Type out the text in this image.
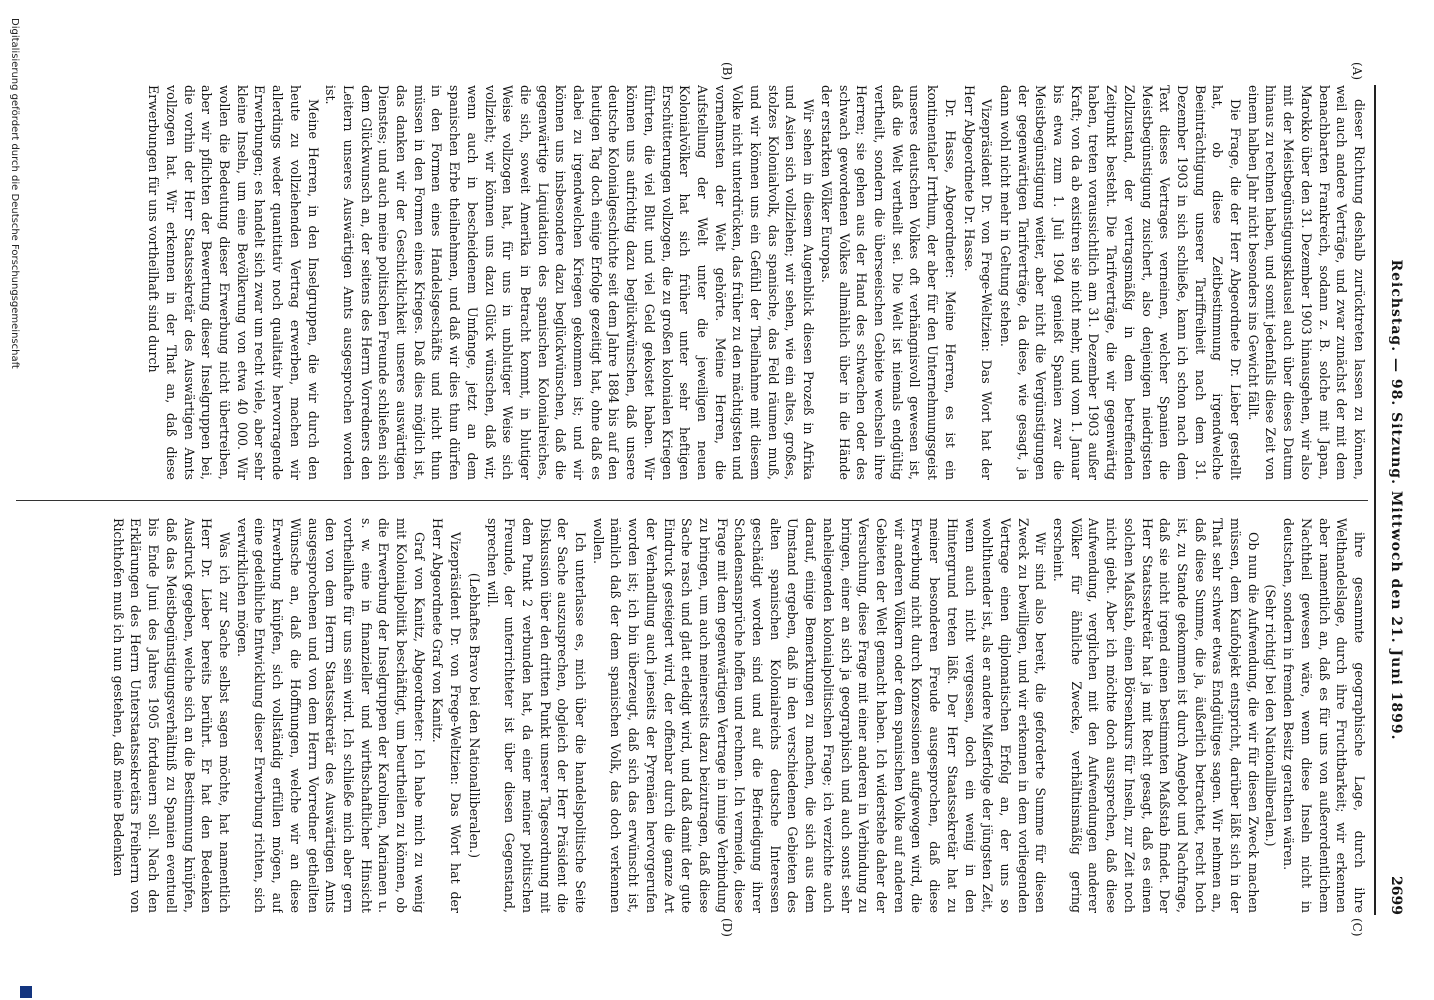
Reichstag. — 98. Sitzung. Mittwoch den 21. Juni 1899.
2699
(A)
(B)
(C)
(D)

dieser Richtung deshalb zurücktreten lassen zu können, weil auch andere Verträge, und zwar zunächst der mit dem benachbarten Frankreich, sodann z. B. solche mit Japan, Marokko über den 31. Dezember 1903 hinausgehen, wir also mit der Meistbegünstigungsklausel auch über dieses Datum hinaus zu rechnen haben, und somit jedenfalls diese Zeit von einem halben Jahr nicht besonders ins Gewicht fällt.

Die Frage, die der Herr Abgeordnete Dr. Lieber gestellt hat, ob diese Zeitbestimmung irgendwelche Beeinträchtigung unserer Tariffreiheit nach dem 31. Dezember 1903 in sich schließe, kann ich schon nach dem Text dieses Vertrages verneinen, welcher Spanien die Meistbegünstigung zusichert, also denjenigen niedrigsten Zollzustand, der vertragsmäßig in dem betreffenden Zeitpunkt besteht. Die Tarifverträge, die wir gegenwärtig haben, treten voraussichtlich am 31. Dezember 1903 außer Kraft; von da ab existiren sie nicht mehr, und vom 1. Januar bis etwa zum 1. Juli 1904 genießt Spanien zwar die Meistbegünstigung weiter, aber nicht die Vergünstigungen der gegenwärtigen Tarifverträge, da diese, wie gesagt, ja dann wohl nicht mehr in Geltung stehen.

Vizepräsident Dr. von Frege-Weltzien: Das Wort hat der Herr Abgeordnete Dr. Hasse.

Dr. Hasse, Abgeordneter: Meine Herren, es ist ein kontinentaler Irrthum, der aber für den Unternehmungsgeist unseres deutschen Volkes oft verhängnisvoll gewesen ist, daß die Welt vertheilt sei. Die Welt ist niemals endgültig vertheilt, sondern die überseeischen Gebiete wechseln ihre Herren; sie gehen aus der Hand des schwachen oder des schwach gewordenen Volkes allmählich über in die Hände der erstarkten Völker Europas.

Wir sehen in diesem Augenblick diesen Prozeß in Afrika und Asien sich vollziehen; wir sehen, wie ein altes, großes, stolzes Kolonialvolk, das spanische, das Feld räumen muß, und wir können uns ein Gefühl der Theilnahme mit diesem Volke nicht unterdrücken, das früher zu den mächtigsten und vornehmsten der Welt gehörte. Meine Herren, die Aufstellung der Welt unter die jeweiligen neuen Kolonialvölker hat sich früher unter sehr heftigen Erschütterungen vollzogen, die zu großen kolonialen Kriegen führten, die viel Blut und viel Geld gekostet haben. Wir können uns aufrichtig dazu beglückwünschen, daß unsere deutsche Kolonialgeschichte seit dem Jahre 1884 bis auf den heutigen Tag doch einige Erfolge gezeitigt hat, ohne daß es dabei zu irgendwelchen Kriegen gekommen ist; und wir können uns insbesondere dazu beglückwünschen, daß die gegenwärtige Liquidation des spanischen Kolonialreiches, die sich, soweit Amerika in Betracht kommt, in blutiger Weise vollzogen hat, für uns in unblutiger Weise sich vollzieht; wir können uns dazu Glück wünschen, daß wir, wenn auch in bescheidenem Umfange, jetzt an dem spanischen Erbe theilnehmen, und daß wir dies thun dürfen in den Formen eines Handelsgeschäfts und nicht thun müssen in den Formen eines Krieges. Daß dies möglich ist, das danken wir der Geschicklichkeit unseres auswärtigen Dienstes; und auch meine politischen Freunde schließen sich dem Glückwunsch an, der seitens des Herrn Vorredners den Leitern unseres Auswärtigen Amts ausgesprochen worden ist.

Meine Herren, in den Inselgruppen, die wir durch den heute zu vollziehenden Vertrag erwerben, machen wir allerdings weder quantitativ noch qualitativ hervorragende Erwerbungen; es handelt sich zwar um recht viele, aber sehr kleine Inseln, um eine Bevölkerung von etwa 40 000. Wir wollen die Bedeutung dieser Erwerbung nicht übertreiben, aber wir pflichten der Bewertung dieser Inselgruppen bei, die vorhin der Herr Staatssekretär des Auswärtigen Amts vollzogen hat. Wir erkennen in der That an, daß diese Erwerbungen für uns vortheilhaft sind durch

ihre gesammte geographische Lage, durch ihre Welthandelslage, durch ihre Fruchtbarkeit; wir erkennen aber namentlich an, daß es für uns von außerordentlichem Nachtheil gewesen wäre, wenn diese Inseln nicht in deutschen, sondern in fremden Besitz gerathen wären.

(Sehr richtig! bei den Nationalliberalen.)

Ob nun die Aufwendung, die wir für diesen Zweck machen müssen, dem Kaufobjekt entspricht, darüber läßt sich in der That sehr schwer etwas Endgültiges sagen. Wir nehmen an, daß diese Summe, die ja, äußerlich betrachtet, recht hoch ist, zu Stande gekommen ist durch Angebot und Nachfrage, daß sie nicht irgend einen bestimmten Maßstab findet. Der Herr Staatssekretär hat ja mit Recht gesagt, daß es einen solchen Maßstab, einen Börsenkurs für Inseln, zur Zeit noch nicht giebt. Aber ich möchte doch aussprechen, daß diese Aufwendung, verglichen mit den Aufwendungen anderer Völker für ähnliche Zwecke, verhältnismäßig gering erscheint.

Wir sind also bereit, die geforderte Summe für diesen Zweck zu bewilligen, und wir erkennen in dem vorliegenden Vertrage einen diplomatischen Erfolg an, der uns so wohlthuender ist, als er andere Mißerfolge der jüngsten Zeit, wenn auch nicht vergessen, doch ein wenig in den Hintergrund treten läßt. Der Herr Staatssekretär hat zu meiner besonderen Freude ausgesprochen, daß diese Erwerbung nicht durch Konzessionen aufgewogen wird, die wir anderen Völkern oder dem spanischen Volke auf anderen Gebieten der Welt gemacht haben. Ich widerstehe daher der Versuchung, diese Frage mit einer anderen in Verbindung zu bringen, einer an sich ja geographisch und auch sonst sehr naheliegenden kolonialpolitischen Frage; ich verzichte auch darauf, einige Bemerkungen zu machen, die sich aus dem Umstand ergeben, daß in den verschiedenen Gebieten des alten spanischen Kolonialreichs deutsche Interessen geschädigt worden sind und auf die Befriedigung ihrer Schadensansprüche hoffen und rechnen. Ich vermeide, diese Frage mit dem gegenwärtigen Vertrage in innige Verbindung zu bringen, um auch meinerseits dazu beizutragen, daß diese Sache rasch und glatt erledigt wird, und daß damit der gute Eindruck gesteigert wird, der offenbar durch die ganze Art der Verhandlung auch jenseits der Pyrenäen hervorgerufen worden ist; ich bin überzeugt, daß sich das erwünscht ist, nämlich daß der dem spanischen Volk, das doch verkennen wollen.

Ich unterlasse es, mich über die handelspolitische Seite der Sache auszusprechen, obgleich der Herr Präsident die Diskussion über den dritten Punkt unserer Tagesordnung mit dem Punkt 2 verbunden hat, da einer meiner politischen Freunde, der unterrichteter ist über diesen Gegenstand, sprechen will.

(Lebhaftes Bravo bei den Nationalliberalen.)

Vizepräsident Dr. von Frege-Weltzien: Das Wort hat der Herr Abgeordnete Graf von Kanitz.

Graf von Kanitz, Abgeordneter: Ich habe mich zu wenig mit Kolonialpolitik beschäftigt, um beurtheilen zu können, ob die Erwerbung der Inselgruppen der Karolinen, Marianen u. s. w. eine in finanzieller und wirthschaftlicher Hinsicht vortheilhafte für uns sein wird. Ich schließe mich aber gern den von dem Herrn Staatssekretär des Auswärtigen Amts ausgesprochenen und von dem Herrn Vorredner getheilten Wünsche an, daß die Hoffnungen, welche wir an diese Erwerbung knüpfen, sich vollständig erfüllen mögen, auf eine gedeihliche Entwicklung dieser Erwerbung richten, sich verwirklichen mögen.

Was ich zur Sache selbst sagen möchte, hat namentlich Herr Dr. Lieber bereits berührt. Er hat den Bedenken Ausdruck gegeben, welche sich an die Bestimmung knüpfen, daß das Meistbegünstigungsverhältniß zu Spanien eventuell bis Ende Juni des Jahres 1905 fortdauern soll. Nach den Erklärungen des Herrn Unterstaatssekretärs Freiherrn von Richthofen muß ich nun gestehen, daß meine Bedenken

Digitalisierung gefördert durch die Deutsche Forschungsgemeinschaft
